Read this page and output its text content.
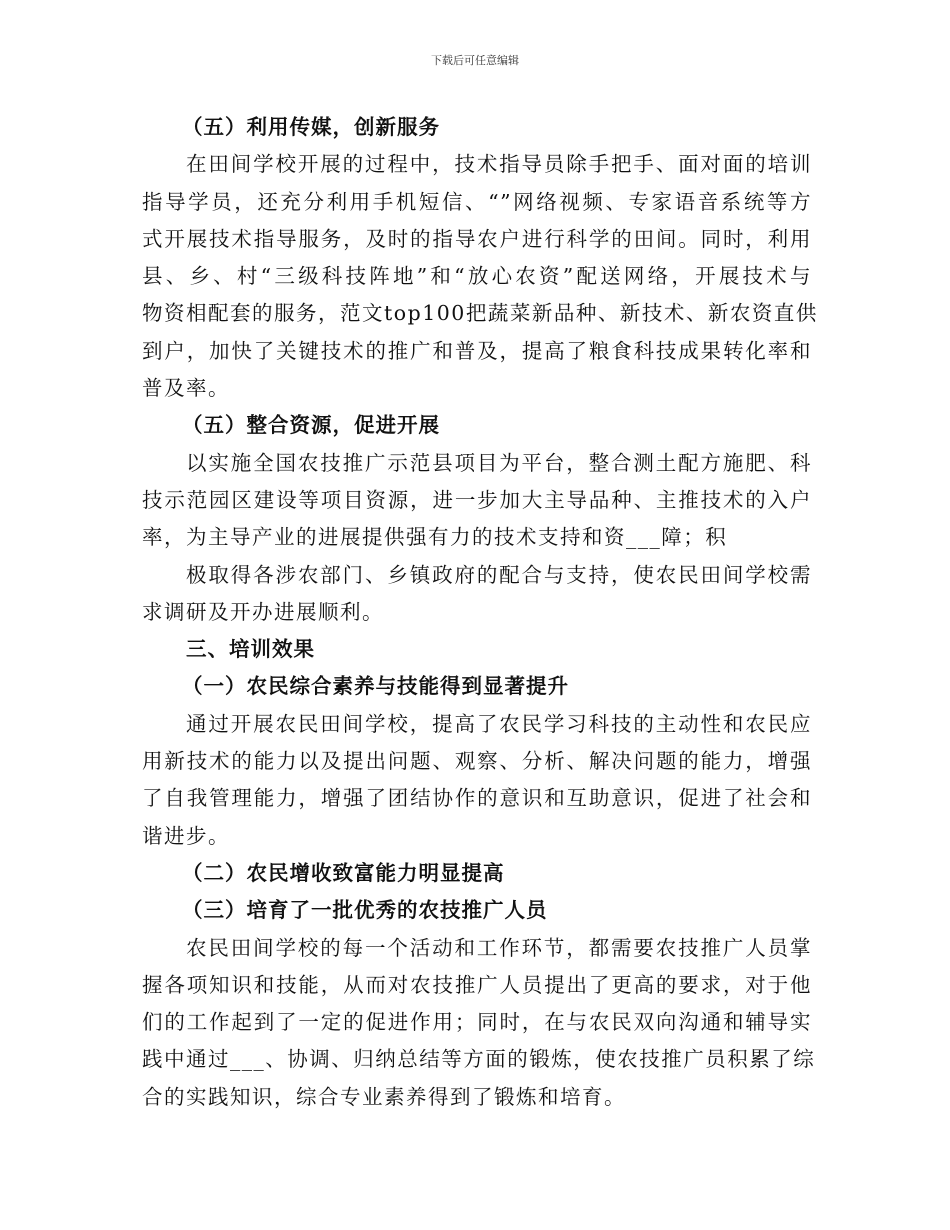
下载后可任意编辑
（五）利用传媒，创新服务
在田间学校开展的过程中，技术指导员除手把手、面对面的培训
指导学员，还充分利用手机短信、“”网络视频、专家语音系统等方
式开展技术指导服务，及时的指导农户进行科学的田间。同时，利用
县、乡、村“三级科技阵地”和“放心农资”配送网络，开展技术与
物资相配套的服务，范文top100把蔬菜新品种、新技术、新农资直供
到户，加快了关键技术的推广和普及，提高了粮食科技成果转化率和
普及率。
（五）整合资源，促进开展
以实施全国农技推广示范县项目为平台，整合测土配方施肥、科
技示范园区建设等项目资源，进一步加大主导品种、主推技术的入户
率，为主导产业的进展提供强有力的技术支持和资___障；积
极取得各涉农部门、乡镇政府的配合与支持，使农民田间学校需
求调研及开办进展顺利。
三、培训效果
（一）农民综合素养与技能得到显著提升
通过开展农民田间学校，提高了农民学习科技的主动性和农民应
用新技术的能力以及提出问题、观察、分析、解决问题的能力，增强
了自我管理能力，增强了团结协作的意识和互助意识，促进了社会和
谐进步。
（二）农民增收致富能力明显提高
（三）培育了一批优秀的农技推广人员
农民田间学校的每一个活动和工作环节，都需要农技推广人员掌
握各项知识和技能，从而对农技推广人员提出了更高的要求，对于他
们的工作起到了一定的促进作用；同时，在与农民双向沟通和辅导实
践中通过___、协调、归纳总结等方面的锻炼，使农技推广员积累了综
合的实践知识，综合专业素养得到了锻炼和培育。
